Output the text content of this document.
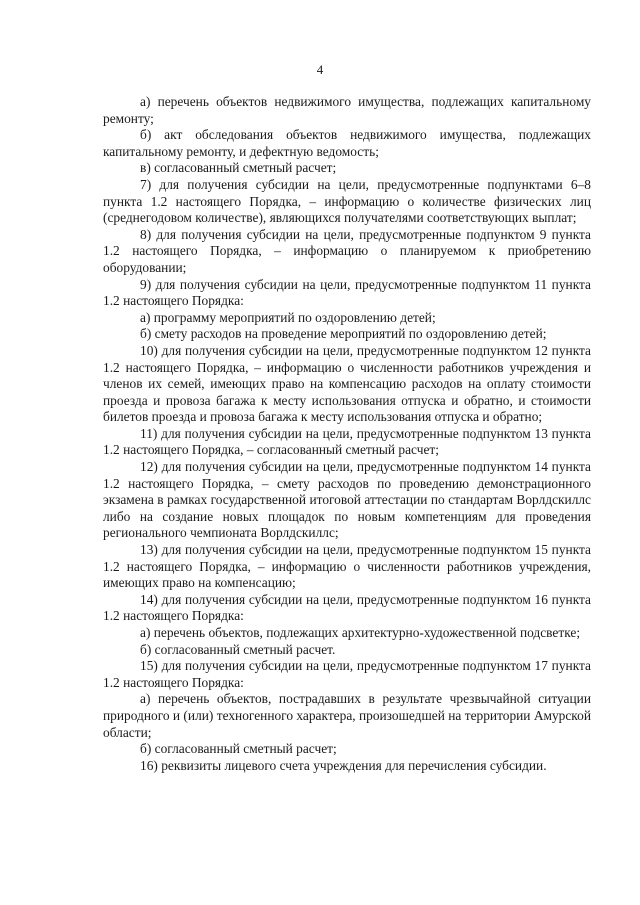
4

а) перечень объектов недвижимого имущества, подлежащих капитальному ремонту;

б) акт обследования объектов недвижимого имущества, подлежащих капитальному ремонту, и дефектную ведомость;

в) согласованный сметный расчет;

7) для получения субсидии на цели, предусмотренные подпунктами 6–8 пункта 1.2 настоящего Порядка, – информацию о количестве физических лиц (среднегодовом количестве), являющихся получателями соответствующих выплат;

8) для получения субсидии на цели, предусмотренные подпунктом 9 пункта 1.2 настоящего Порядка, – информацию о планируемом к приобретению оборудовании;

9) для получения субсидии на цели, предусмотренные подпунктом 11 пункта 1.2 настоящего Порядка:

а) программу мероприятий по оздоровлению детей;

б) смету расходов на проведение мероприятий по оздоровлению детей;

10) для получения субсидии на цели, предусмотренные подпунктом 12 пункта 1.2 настоящего Порядка, – информацию о численности работников учреждения и членов их семей, имеющих право на компенсацию расходов на оплату стоимости проезда и провоза багажа к месту использования отпуска и обратно, и стоимости билетов проезда и провоза багажа к месту использования отпуска и обратно;

11) для получения субсидии на цели, предусмотренные подпунктом 13 пункта 1.2 настоящего Порядка, – согласованный сметный расчет;

12) для получения субсидии на цели, предусмотренные подпунктом 14 пункта 1.2 настоящего Порядка, – смету расходов по проведению демонстрационного экзамена в рамках государственной итоговой аттестации по стандартам Ворлдскиллс либо на создание новых площадок по новым компетенциям для проведения регионального чемпионата Ворлдскиллс;

13) для получения субсидии на цели, предусмотренные подпунктом 15 пункта 1.2 настоящего Порядка, – информацию о численности работников учреждения, имеющих право на компенсацию;

14) для получения субсидии на цели, предусмотренные подпунктом 16 пункта 1.2 настоящего Порядка:

а) перечень объектов, подлежащих архитектурно-художественной подсветке;

б) согласованный сметный расчет.

15) для получения субсидии на цели, предусмотренные подпунктом 17 пункта 1.2 настоящего Порядка:

а) перечень объектов, пострадавших в результате чрезвычайной ситуации природного и (или) техногенного характера, произошедшей на территории Амурской области;

б) согласованный сметный расчет;

16) реквизиты лицевого счета учреждения для перечисления субсидии.
